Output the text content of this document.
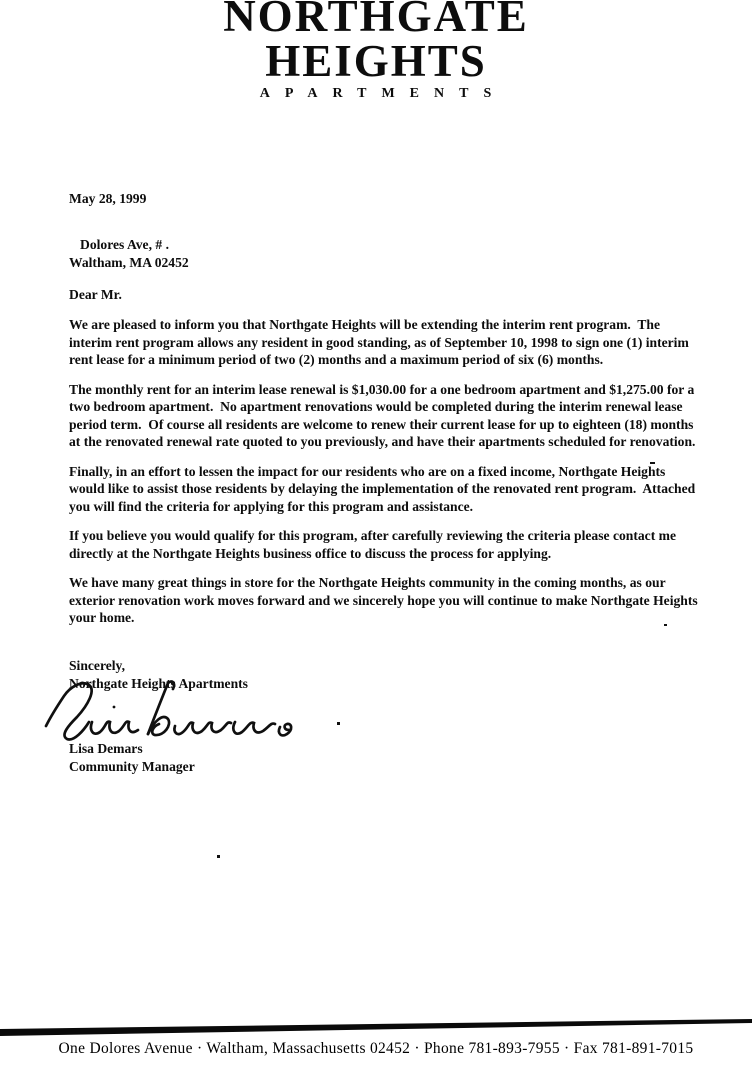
NORTHGATE
HEIGHTS
APARTMENTS
May 28, 1999
Dolores Ave, # .
Waltham, MA 02452
Dear Mr.

We are pleased to inform you that Northgate Heights will be extending the interim rent program.  The interim rent program allows any resident in good standing, as of September 10, 1998 to sign one (1) interim rent lease for a minimum period of two (2) months and a maximum period of six (6) months.

The monthly rent for an interim lease renewal is $1,030.00 for a one bedroom apartment and $1,275.00 for a two bedroom apartment.  No apartment renovations would be completed during the interim renewal lease period term.  Of course all residents are welcome to renew their current lease for up to eighteen (18) months at the renovated renewal rate quoted to you previously, and have their apartments scheduled for renovation.

Finally, in an effort to lessen the impact for our residents who are on a fixed income, Northgate Heights would like to assist those residents by delaying the implementation of the renovated rent program.  Attached you will find the criteria for applying for this program and assistance.

If you believe you would qualify for this program, after carefully reviewing the criteria please contact me directly at the Northgate Heights business office to discuss the process for applying.

We have many great things in store for the Northgate Heights community in the coming months, as our exterior renovation work moves forward and we sincerely hope you will continue to make Northgate Heights your home.

Sincerely,
Northgate Heights Apartments
Lisa Demars
Community Manager
One Dolores Avenue · Waltham, Massachusetts 02452 · Phone 781-893-7955 · Fax 781-891-7015
